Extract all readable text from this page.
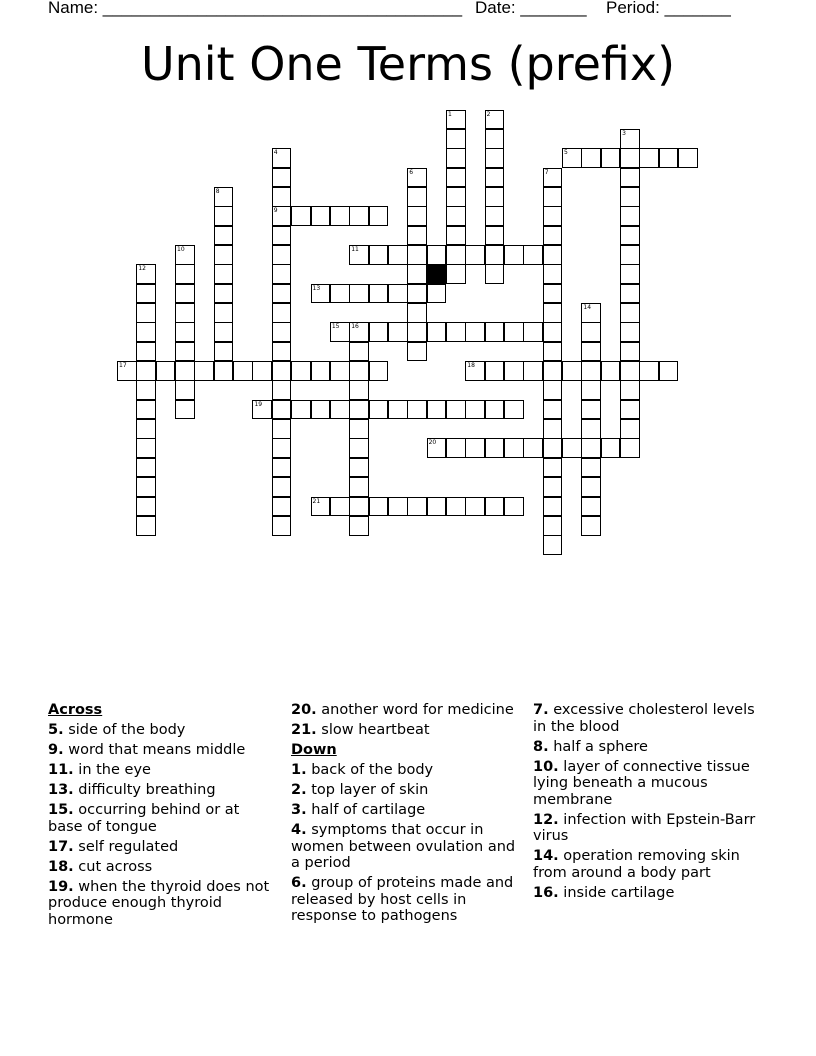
Name: ______________________________________ Date: _______ Period: _______
Unit One Terms (prefix)
1	2
3
4
9
5
6	7
8
10	11
12
13
14
15 16
17	18
19
20
21
Across
5. side of the body
9. word that means middle
11. in the eye
13. difficulty breathing
15. occurring behind or at base of tongue
17. self regulated
18. cut across
19. when the thyroid does not produce enough thyroid hormone
20. another word for medicine
21. slow heartbeat
Down
1. back of the body
2. top layer of skin
3. half of cartilage
4. symptoms that occur in women between ovulation and a period
6. group of proteins made and released by host cells in response to pathogens
7. excessive cholesterol levels in the blood
8. half a sphere
10. layer of connective tissue lying beneath a mucous membrane
12. infection with Epstein-Barr virus
14. operation removing skin from around a body part
16. inside cartilage
